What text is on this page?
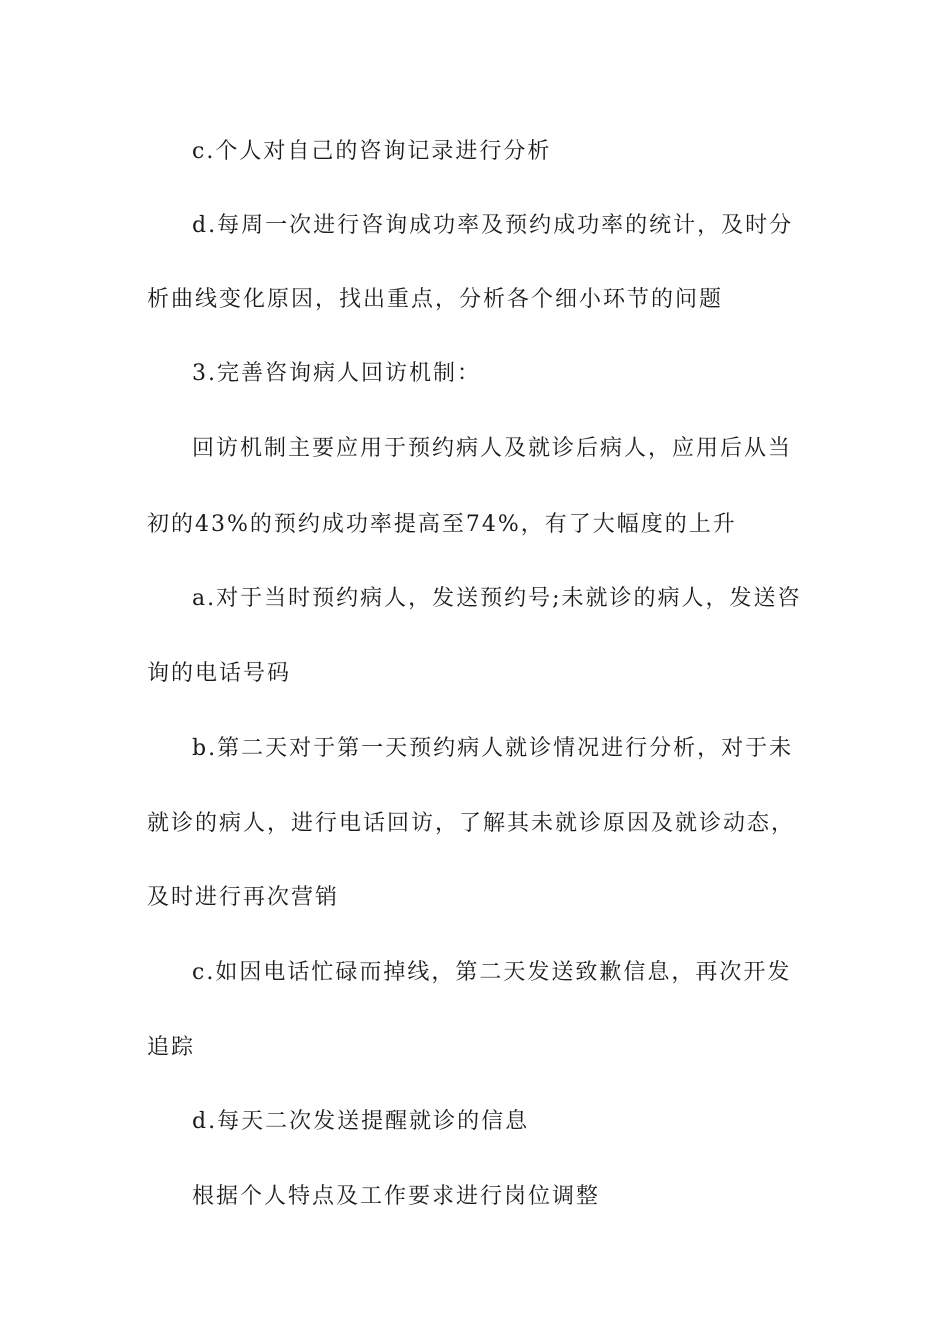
c.个人对自己的咨询记录进行分析
d.每周一次进行咨询成功率及预约成功率的统计，及时分
析曲线变化原因，找出重点，分析各个细小环节的问题
3.完善咨询病人回访机制：
回访机制主要应用于预约病人及就诊后病人，应用后从当
初的43%的预约成功率提高至74%，有了大幅度的上升
a.对于当时预约病人，发送预约号;未就诊的病人，发送咨
询的电话号码
b.第二天对于第一天预约病人就诊情况进行分析，对于未
就诊的病人，进行电话回访，了解其未就诊原因及就诊动态，
及时进行再次营销
c.如因电话忙碌而掉线，第二天发送致歉信息，再次开发
追踪
d.每天二次发送提醒就诊的信息
根据个人特点及工作要求进行岗位调整
